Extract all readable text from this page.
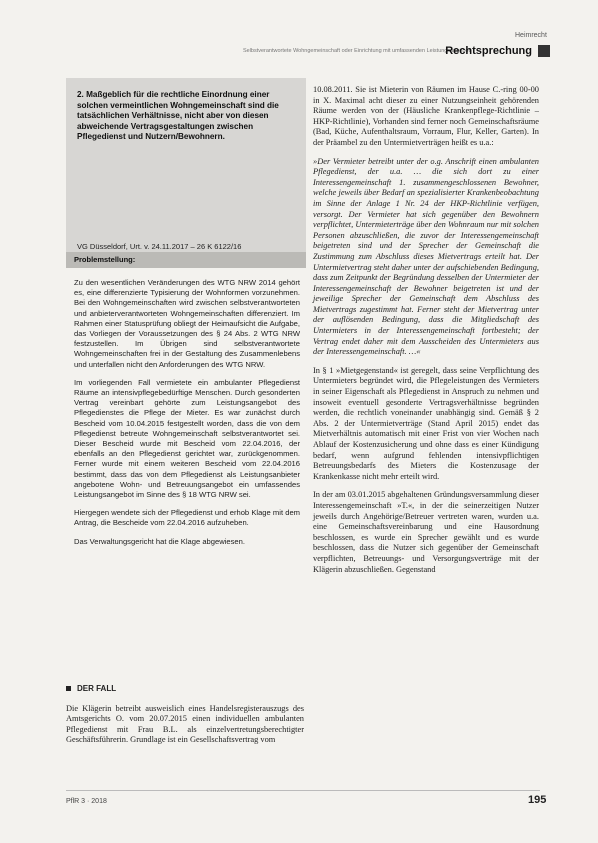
Heimrecht
Selbstverantwortete Wohngemeinschaft oder Einrichtung mit umfassenden Leistungsangebot
Rechtsprechung
2. Maßgeblich für die rechtliche Einordnung einer solchen vermeintlichen Wohngemeinschaft sind die tatsächlichen Verhältnisse, nicht aber von diesen abweichende Vertragsgestaltungen zwischen Pflegedienst und Nutzern/Bewohnern.
VG Düsseldorf, Urt. v. 24.11.2017 – 26 K 6122/16
Problemstellung:

Zu den wesentlichen Veränderungen des WTG NRW 2014 gehört es, eine differenzierte Typisierung der Wohnformen vorzunehmen. Bei den Wohngemeinschaften wird zwischen selbstverantworteten und anbieterverantworteten Wohngemeinschaften differenziert. Im Rahmen einer Statusprüfung obliegt der Heimaufsicht die Aufgabe, das Vorliegen der Voraussetzungen des § 24 Abs. 2 WTG NRW festzustellen. Im Übrigen sind selbstverantwortete Wohngemeinschaften frei in der Gestaltung des Zusammenlebens und unterfallen nicht den Anforderungen des WTG NRW.

Im vorliegenden Fall vermietete ein ambulanter Pflegedienst Räume an intensivpflegebedürftige Menschen. Durch gesonderten Vertrag vereinbart gehörte zum Leistungsangebot des Pflegedienstes die Pflege der Mieter. Es war zunächst durch Bescheid vom 10.04.2015 festgestellt worden, dass die von dem Pflegedienst betreute Wohngemeinschaft selbstverantwortet sei. Dieser Bescheid wurde mit Bescheid vom 22.04.2016, der ebenfalls an den Pflegedienst gerichtet war, zurückgenommen. Ferner wurde mit einem weiteren Bescheid vom 22.04.2016 bestimmt, dass das von dem Pflegedienst als Leistungsanbieter angebotene Wohn- und Betreuungsangebot ein umfassendes Leistungsangebot im Sinne des § 18 WTG NRW sei.

Hiergegen wendete sich der Pflegedienst und erhob Klage mit dem Antrag, die Bescheide vom 22.04.2016 aufzuheben.

Das Verwaltungsgericht hat die Klage abgewiesen.

DER FALL
Die Klägerin betreibt ausweislich eines Handelsregisterauszugs des Amtsgerichts O. vom 20.07.2015 einen individuellen ambulanten Pflegedienst mit Frau B.L. als einzelvertretungsberechtigter Geschäftsführerin. Grundlage ist ein Gesellschaftsvertrag vom

10.08.2011. Sie ist Mieterin von Räumen im Hause C.-ring 00-00 in X. Maximal acht dieser zu einer Nutzungseinheit gehörenden Räume werden von der (Häusliche Krankenpflege-Richtlinie – HKP-Richtlinie), Vorhanden sind ferner noch Gemeinschaftsräume (Bad, Küche, Aufenthaltsraum, Vorraum, Flur, Keller, Garten). In der Präambel zu den Untermietverträgen heißt es u.a.:

»Der Vermieter betreibt unter der o.g. Anschrift einen ambulanten Pflegedienst, der u.a. … die sich dort zu einer Interessengemeinschaft 1. zusammengeschlossenen Bewohner, welche jeweils über Bedarf an spezialisierter Krankenbeobachtung im Sinne der Anlage 1 Nr. 24 der HKP-Richtlinie verfügen, versorgt. Der Vermieter hat sich gegenüber den Bewohnern verpflichtet, Untermieterträge über den Wohnraum nur mit solchen Personen abzuschließen, die zuvor der Interessengemeinschaft beigetreten sind und der Sprecher der Gemeinschaft die Zustimmung zum Abschluss dieses Mietvertrags erteilt hat. Der Untermietvertrag steht daher unter der aufschiebenden Bedingung, dass zum Zeitpunkt der Begründung desselben der Untermieter der Interessengemeinschaft der Bewohner beigetreten ist und der jeweilige Sprecher der Gemeinschaft dem Abschluss des Mietvertrags zugestimmt hat. Ferner steht der Mietvertrag unter der auflösenden Bedingung, dass die Mitgliedschaft des Untermieters in der Interessengemeinschaft fortbesteht; der Vertrag endet daher mit dem Ausscheiden des Untermieters aus der Interessengemeinschaft. …«

In § 1 »Mietgegenstand« ist geregelt, dass seine Verpflichtung des Untermieters begründet wird, die Pflegeleistungen des Vermieters in seiner Eigenschaft als Pflegedienst in Anspruch zu nehmen und insoweit eventuell gesonderte Vertragsverhältnisse begründen werden, die rechtlich voneinander unabhängig sind. Gemäß § 2 Abs. 2 der Untermietverträge (Stand April 2015) endet das Mietverhältnis automatisch mit einer Frist von vier Wochen nach Ablauf der Kostenzusicherung und ohne dass es einer Kündigung bedarf, wenn aufgrund fehlenden intensivpflichtigen Betreuungsbedarfs des Mieters die Kostenzusage der Krankenkasse nicht mehr erteilt wird.

In der am 03.01.2015 abgehaltenen Gründungsversammlung dieser Interessengemeinschaft »T.«, in der die seinerzeitigen Nutzer jeweils durch Angehörige/Betreuer vertreten waren, wurden u.a. eine Gemeinschaftsvereinbarung und eine Hausordnung beschlossen, es wurde ein Sprecher gewählt und es wurde beschlossen, dass die Nutzer sich gegenüber der Gemeinschaft verpflichten, Betreuungs- und Versorgungsverträge mit der Klägerin abzuschließen. Gegenstand

PflR 3 · 2018	195
